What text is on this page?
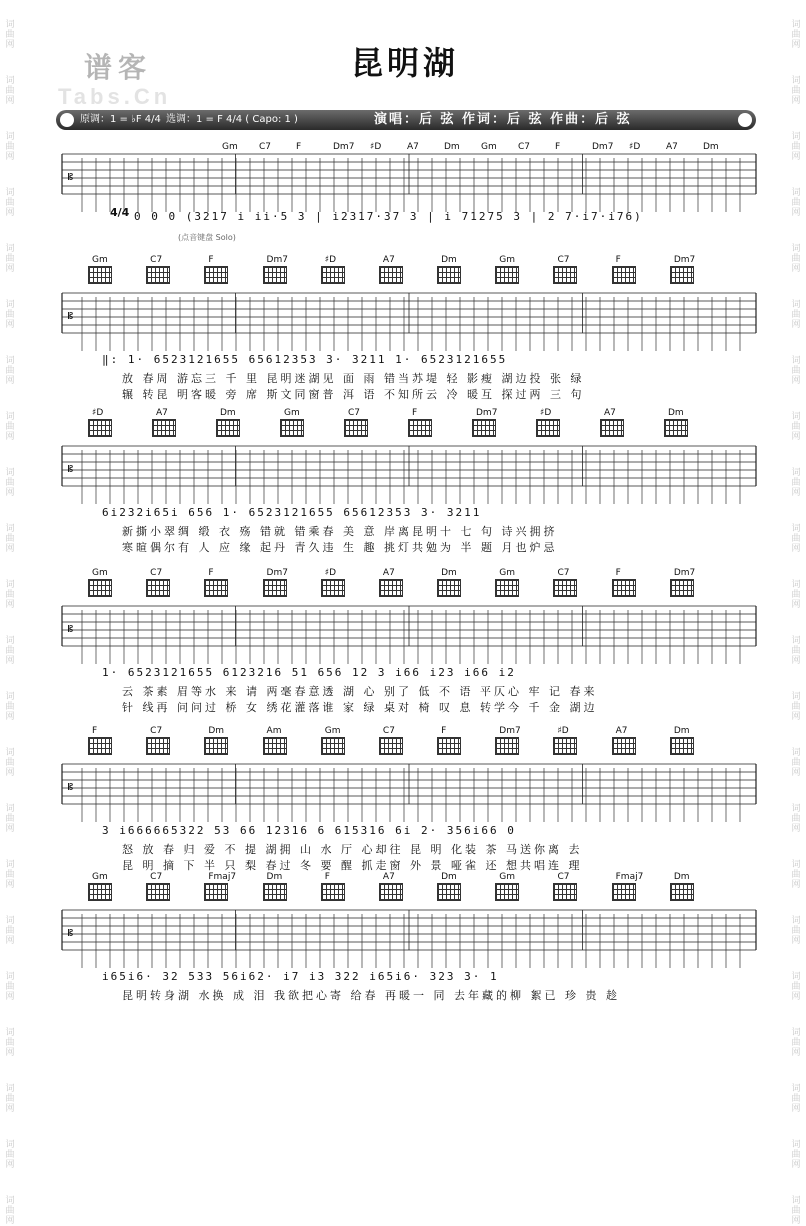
词曲网
词曲网
词曲网
词曲网
词曲网
词曲网
词曲网
词曲网
词曲网
词曲网
词曲网
词曲网
词曲网
词曲网
词曲网
词曲网
词曲网
词曲网
词曲网
词曲网
词曲网
词曲网
词曲网
词曲网
词曲网
词曲网
词曲网
词曲网
词曲网
词曲网
词曲网
词曲网
词曲网
词曲网
词曲网
词曲网
词曲网
词曲网
词曲网
词曲网
词曲网
词曲网
词曲网
词曲网
谱客
Tabs.Cn
昆明湖
原调：1 = ♭F 4/4 选调：1 = F 4/4 ( Capo: 1 )	演唱：后 弦 作词：后 弦 作曲：后 弦
𝄡
Gm C7	F	Dm7 ♯D	A7	Dm Gm C7	F	Dm7 ♯D	A7	Dm
4/4 0 0 0 (3217 i ii·5 3 | i2317·37 3 | i 71275 3 | 2 7·i7·i76)
(点音键盘 Solo)
𝄡
Gm	C7	F	Dm7	♯D	A7	Dm	Gm	C7	F	Dm7
‖: 1· 6523121655 65612353 3· 3211 1· 6523121655
放 春周 游忘三 千 里 昆明迷湖见 面 雨 错当苏堤 轻 影瘦 湖边投 张 绿
辗 转昆 明客暖 旁 席 斯文同窗普 洱 语 不知所云 冷 暖互 探过两 三 句
𝄡
♯D	A7	Dm	Gm	C7	F	Dm7	♯D	A7	Dm
6i232i65i 656 1· 6523121655 65612353 3· 3211
新撕小翠绸 缎 衣 殇 错就 错乘春 美 意 岸离昆明十 七 句 诗兴拥挤
寒暄偶尔有 人 应 缘 起丹 青久违 生 趣 挑灯共勉为 半 题 月也炉忌
𝄡
Gm	C7	F	Dm7	♯D	A7	Dm	Gm	C7	F	Dm7
1· 6523121655 6123216 51 656 12 3 i66 i23 i66 i2
云 茶素 眉等水 来 请 两毫春意透 湖 心 别了 低 不 语 平仄心 牢 记 春来
针 线再 问问过 桥 女 绣花灌落谁 家 绿 桌对 椅 叹 息 转学今 千 金 湖边
𝄡
F	C7	Dm	Am	Gm	C7	F	Dm7	♯D	A7	Dm
3 i666665322 53 66 12316 6 615316 6i 2· 356i66 0
怒 放 春 归 爱 不 提 湖拥 山 水 厅 心却往 昆 明 化装 茶 马送你离 去
昆 明 摘 下 半 只 梨 春过 冬 要 醒 抓走窗 外 景 哑雀 还 想共唱连 理
𝄡
Gm	C7	Fmaj7	Dm	F	A7	Dm	Gm	C7	Fmaj7	Dm
i65i6· 32 533 56i62· i7 i3 322 i65i6· 323 3· 1
昆明转身湖 水换 成 泪 我欲把心寄 给春 再暖一 同 去年藏的柳 絮已 珍 贵 趁
